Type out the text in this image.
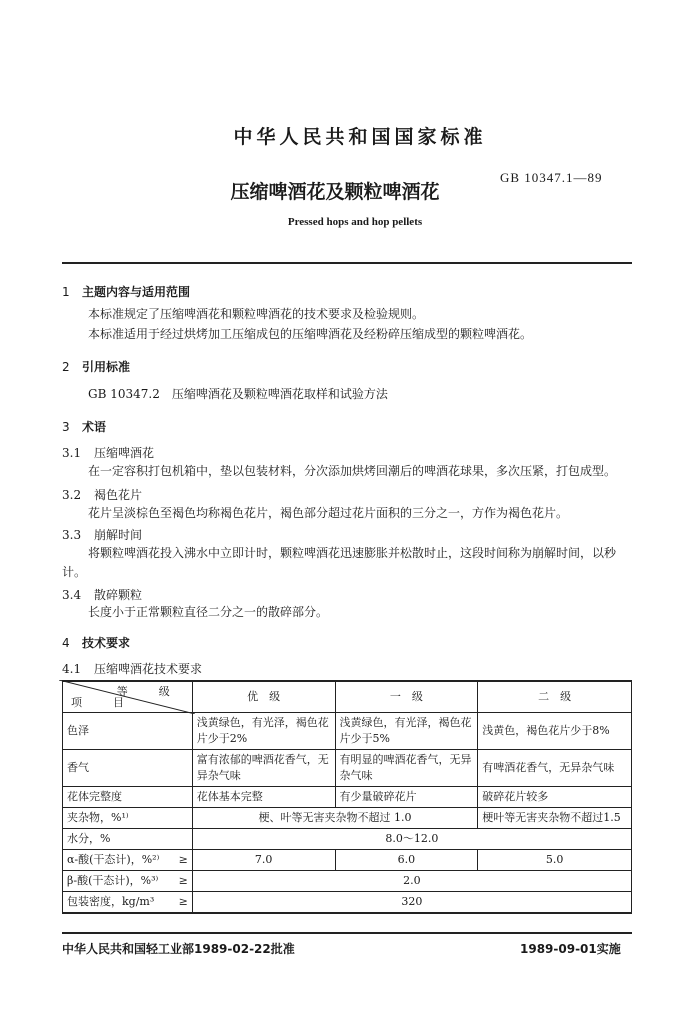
中华人民共和国国家标准
GB 10347.1—89
压缩啤酒花及颗粒啤酒花
Pressed hops and hop pellets
1 主题内容与适用范围
本标准规定了压缩啤酒花和颗粒啤酒花的技术要求及检验规则。
本标准适用于经过烘烤加工压缩成包的压缩啤酒花及经粉碎压缩成型的颗粒啤酒花。
2 引用标准
GB 10347.2　压缩啤酒花及颗粒啤酒花取样和试验方法
3 术语
3.1 压缩啤酒花
在一定容积打包机箱中，垫以包装材料，分次添加烘烤回潮后的啤酒花球果，多次压紧，打包成型。
3.2 褐色花片
花片呈淡棕色至褐色均称褐色花片，褐色部分超过花片面积的三分之一，方作为褐色花片。
3.3 崩解时间
将颗粒啤酒花投入沸水中立即计时，颗粒啤酒花迅速膨胀并松散时止，这段时间称为崩解时间，以秒计。
3.4 散碎颗粒
长度小于正常颗粒直径二分之一的散碎部分。
4 技术要求
4.1 压缩啤酒花技术要求
等　级
项　目	优　级	一　级	二　级
色泽	浅黄绿色，有光泽，褐色花片少于2%	浅黄绿色，有光泽，褐色花片少于5%	浅黄色，褐色花片少于8%
香气	富有浓郁的啤酒花香气，无异杂气味	有明显的啤酒花香气，无异杂气味	有啤酒花香气，无异杂气味
花体完整度	花体基本完整	有少量破碎花片	破碎花片较多
夹杂物，%¹⁾	梗、叶等无害夹杂物不超过 1.0		梗叶等无害夹杂物不超过1.5
水分，%	8.0～12.0		
α-酸(干态计)，%²⁾ ≥	7.0	6.0	5.0
β-酸(干态计)，%³⁾ ≥	2.0		
包装密度，kg/m³ ≥	320		
中华人民共和国轻工业部1989-02-22批准	1989-09-01实施
